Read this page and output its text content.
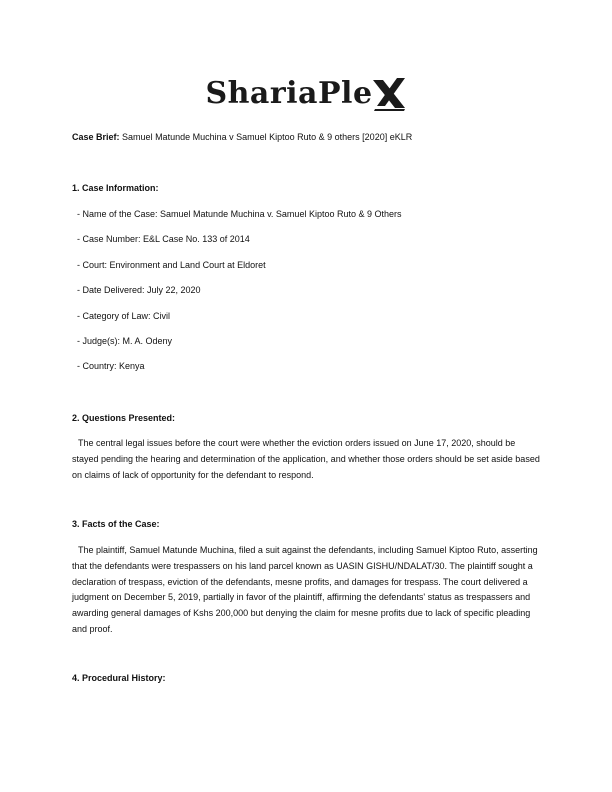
ShariaPle
Case Brief: Samuel Matunde Muchina v Samuel Kiptoo Ruto & 9 others [2020] eKLR
1. Case Information:
- Name of the Case: Samuel Matunde Muchina v. Samuel Kiptoo Ruto & 9 Others
- Case Number: E&L Case No. 133 of 2014
- Court: Environment and Land Court at Eldoret
- Date Delivered: July 22, 2020
- Category of Law: Civil
- Judge(s): M. A. Odeny
- Country: Kenya
2. Questions Presented:

The central legal issues before the court were whether the eviction orders issued on June 17, 2020, should be stayed pending the hearing and determination of the application, and whether those orders should be set aside based on claims of lack of opportunity for the defendant to respond.

3. Facts of the Case:

The plaintiff, Samuel Matunde Muchina, filed a suit against the defendants, including Samuel Kiptoo Ruto, asserting that the defendants were trespassers on his land parcel known as UASIN GISHU/NDALAT/30. The plaintiff sought a declaration of trespass, eviction of the defendants, mesne profits, and damages for trespass. The court delivered a judgment on December 5, 2019, partially in favor of the plaintiff, affirming the defendants' status as trespassers and awarding general damages of Kshs 200,000 but denying the claim for mesne profits due to lack of specific pleading and proof.

4. Procedural History:
